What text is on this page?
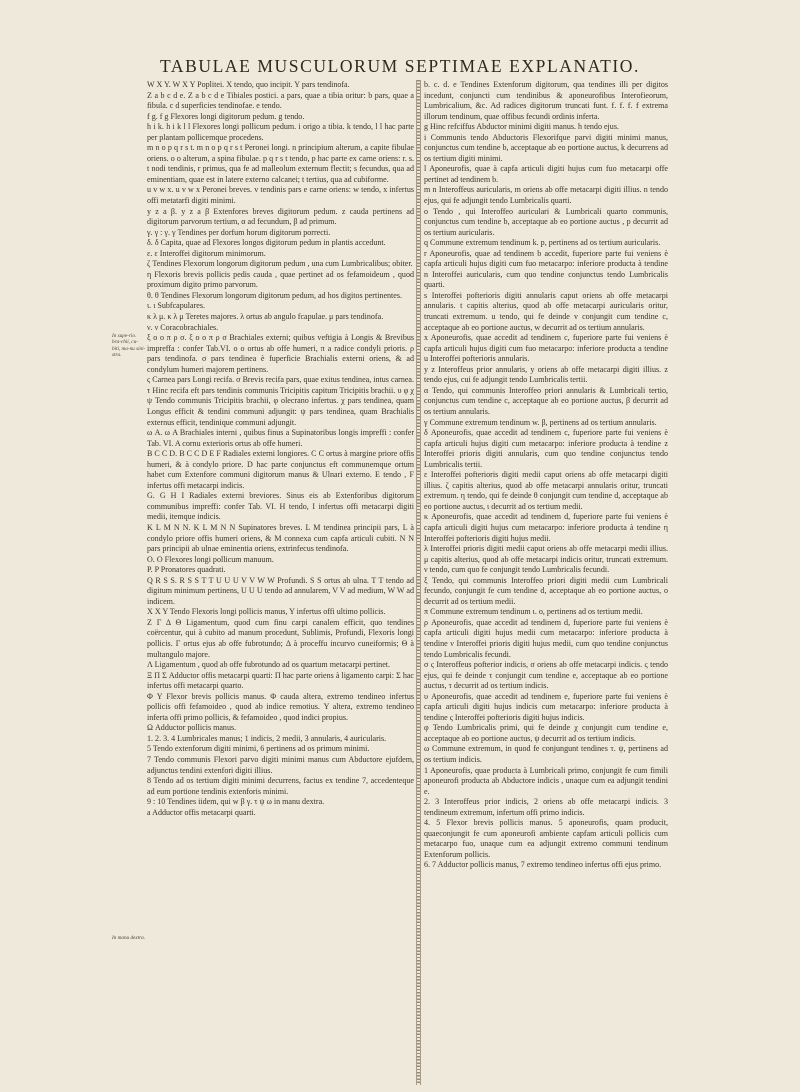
TABULAE MUSCULORUM SEPTIMAE EXPLANATIO.

W X Y. W X Y Poplitei. X tendo, quo incipit. Y pars tendinofa.

Z a b c d e. Z a b c d e Tibiales postici. a pars, quae a tibia oritur: b pars, quae a fibula. c d superficies tendinofae. e tendo.

f g. f g Flexores longi digitorum pedum. g tendo.

h i k. h i k l l Flexores longi pollicum pedum. i origo a tibia. k tendo, l l hac parte per plantam pollicemque procedens.

m n o p q r s t. m n o p q r s t Peronei longi. n principium alterum, a capite fibulae oriens. o o alterum, a spina fibulae. p q r s t tendo, p hac parte ex carne oriens: r. s. t nodi tendinis, r primus, qua fe ad malleolum externum flectit; s fecundus, qua ad eminentiam, quae est in latere externo calcanei; t tertius, qua ad cubiforme.

u v w x. u v w x Peronei breves. v tendinis pars e carne oriens: w tendo, x infertus offi metatarfi digiti minimi.

y z a β. y z a β Extenfores breves digitorum pedum. z cauda pertinens ad digitorum parvorum tertium, α ad fecundum, β ad primum.

γ. γ : γ. γ Tendines per dorfum horum digitorum porrecti.

δ. δ Capita, quae ad Flexores longos digitorum pedum in plantis accedunt.

ε. ε Interoffei digitorum minimorum.

ζ Tendines Flexorum longorum digitorum pedum , una cum Lumbricalibus; obiter.

η Flexoris brevis pollicis pedis cauda , quae pertinet ad os fefamoideum , quod proximum digito primo parvorum.

θ. θ Tendines Flexorum longorum digitorum pedum, ad hos digitos pertinentes.

ι. ι Subfcapulares.

κ λ μ. κ λ μ Teretes majores. λ ortus ab angulo fcapulae. μ pars tendinofa.

ν. ν Coracobrachiales.

ξ ο ο π ρ σ. ξ ο ο π ρ σ Brachiales externi; quibus veftigia à Longis & Brevibus impreffa : confer Tab.VI. ο ο ortus ab offe humeri, π a radice condyli prioris. ρ pars tendinofa. σ pars tendinea è fuperficie Brachialis externi oriens, & ad condylum humeri majorem pertinens.

ς Carnea pars Longi recifa. σ Brevis recifa pars, quae exitus tendinea, intus carnea. τ Hinc recifa eft pars tendinis communis Tricipitis capitum Tricipitis brachii. υ φ χ ψ Tendo communis Tricipitis brachii, φ olecrano infertus. χ pars tendinea, quam Longus efficit & tendini communi adjungit: ψ pars tendinea, quam Brachialis externus efficit, tendinique communi adjungit.

ω A. ω A Brachiales interni , quibus finus a Supinatoribus longis impreffi : confer Tab. VI. A cornu exterioris ortus ab offe humeri.

B C C D. B C C D E F Radiales externi longiores. C C ortus à margine priore offis humeri, & à condylo priore. D hac parte conjunctus eft communemque ortum habet cum Extenfore communi digitorum manus & Ulnari externo. E tendo , F infertus offi metacarpi indicis.

G. G H I Radiales externi breviores. Sinus eis ab Extenforibus digitorum communibus impreffi: confer Tab. VI. H tendo, I infertus offi metacarpi digiti medii, itemque indicis.

K L M N N. K L M N N Supinatores breves. L M tendinea principii pars, L à condylo priore offis humeri oriens, & M connexa cum capfa articuli cubiti. N N pars principii ab ulnae eminentia oriens, extrinfecus tendinofa.

O. O Flexores longi pollicum manuum.

P. P Pronatores quadrati.

Q R S S. R S S T T U U U V V W W Profundi. S S ortus ab ulna. T T tendo ad digitum minimum pertinens, U U U tendo ad annularem, V V ad medium, W W ad indicem.

X X Y Tendo Flexoris longi pollicis manus, Y infertus offi ultimo pollicis.

Z Γ Δ Θ Ligamentum, quod cum finu carpi canalem efficit, quo tendines coërcentur, qui à cubito ad manum procedunt, Sublimis, Profundi, Flexoris longi pollicis. Γ ortus ejus ab offe fubrotundo; Δ à proceffu incurvo cuneiformis; Θ à multangulo majore.

Λ Ligamentum , quod ab offe fubrotundo ad os quartum metacarpi pertinet.

Ξ Π Σ Adductor offis metacarpi quarti: Π hac parte oriens à ligamento carpi: Σ hac infertus offi metacarpi quarto.

Φ Υ Flexor brevis pollicis manus. Φ cauda altera, extremo tendineo infertus pollicis offi fefamoideo , quod ab indice remotius. Υ altera, extremo tendineo inferta offi primo pollicis, & fefamoideo , quod indici propius.

Ω Adductor pollicis manus.

1. 2. 3. 4 Lumbricales manus; 1 indicis, 2 medii, 3 annularis, 4 auricularis.

5 Tendo extenforum digiti minimi, 6 pertinens ad os primum minimi.

7 Tendo communis Flexori parvo digiti minimi manus cum Abductore ejufdem, adjunctus tendini extenfori digiti illius.

8 Tendo ad os tertium digiti minimi decurrens, factus ex tendine 7, accedenteque ad eum portione tendinis extenforis minimi.

9 : 10 Tendines iidem, qui w β γ. τ ψ ω in manu dextra.

a Adductor offis metacarpi quarti.

b. c. d. e Tendines Extenforum digitorum, qua tendines illi per digitos incedunt, conjuncti cum tendinibus & aponeurofibus Interofieorum, Lumbricalium, &c. Ad radices digitorum truncati funt. f. f. f. f extrema illorum tendinum, quae offibus fecundi ordinis inferta.

g Hinc refciffus Abductor minimi digiti manus. h tendo ejus.

i Communis tendo Abductoris Flexorifque parvi digiti minimi manus, conjunctus cum tendine b, acceptaque ab eo portione auctus, k decurrens ad os tertium digiti minimi.

l Aponeurofis, quae à capfa articuli digiti hujus cum fuo metacarpi offe pertinet ad tendinem b.

m n Interoffeus auricularis, m oriens ab offe metacarpi digiti illius. n tendo ejus, qui fe adjungit tendo Lumbricalis quarti.

o Tendo , qui Interoffeo auriculari & Lumbricali quarto communis, conjunctus cum tendine b, acceptaque ab eo portione auctus , p decurrit ad os tertium auricularis.

q Commune extremum tendinum k. p, pertinens ad os tertium auricularis.

r Aponeurofis, quae ad tendinem b accedit, fuperiore parte fui veniens è capfa articuli hujus digiti cum fuo metacarpo: inferiore producta à tendine n Interoffei auricularis, cum quo tendine conjunctus tendo Lumbricalis quarti.

s Interoffei pofterioris digiti annularis caput oriens ab offe metacarpi annularis. t capitis alterius, quod ab offe metacarpi auricularis oritur, truncati extremum. u tendo, qui fe deinde v conjungit cum tendine c, acceptaque ab eo portione auctus, w decurrit ad os tertium annularis.

x Aponeurofis, quae accedit ad tendinem c, fuperiore parte fui veniens è capfa articuli hujus digiti cum fuo metacarpo: inferiore producta a tendine u Interoffei pofterioris annularis.

y z Interoffeus prior annularis, y oriens ab offe metacarpi digiti illius. z tendo ejus, cui fe adjungit tendo Lumbricalis tertii.

α Tendo, qui communis Interoffeo priori annularis & Lumbricali tertio, conjunctus cum tendine c, acceptaque ab eo portione auctus, β decurrit ad os tertium annularis.

γ Commune extremum tendinum w. β, pertinens ad os tertium annularis.

δ Aponeurofis, quae accedit ad tendinem c, fuperiore parte fui veniens è capfa articuli hujus digiti cum metacarpo: inferiore producta à tendine z Interoffei prioris digiti annularis, cum quo tendine conjunctus tendo Lumbricalis tertii.

ε Interoffei pofterioris digiti medii caput oriens ab offe metacarpi digiti illius. ζ capitis alterius, quod ab offe metacarpi annularis oritur, truncati extremum. η tendo, qui fe deinde θ conjungit cum tendine d, acceptaque ab eo portione auctus, ι decurrit ad os tertium medii.

κ Aponeurofis, quae accedit ad tendinem d, fuperiore parte fui veniens è capfa articuli digiti hujus cum metacarpo: inferiore producta à tendine η Interoffei pofterioris digiti hujus medii.

λ Interoffei prioris digiti medii caput oriens ab offe metacarpi medii illius. μ capitis alterius, quod ab offe metacarpi indicis oritur, truncati extremum. ν tendo, cum quo fe conjungit tendo Lumbricalis fecundi.

ξ Tendo, qui communis Interoffeo priori digiti medii cum Lumbricali fecundo, conjungit fe cum tendine d, acceptaque ab eo portione auctus, ο decurrit ad os tertium medii.

π Commune extremum tendinum ι. ο, pertinens ad os tertium medii.

ρ Aponeurofis, quae accedit ad tendinem d, fuperiore parte fui veniens è capfa articuli digiti hujus medii cum metacarpo: inferiore producta à tendine ν Interoffei prioris digiti hujus medii, cum quo tendine conjunctus tendo Lumbricalis fecundi.

σ ς Interoffeus pofterior indicis, σ oriens ab offe metacarpi indicis. ς tendo ejus, qui fe deinde τ conjungit cum tendine e, acceptaque ab eo portione auctus, τ decurrit ad os tertium indicis.

υ Aponeurofis, quae accedit ad tendinem e, fuperiore parte fui veniens è capfa articuli digiti hujus indicis cum metacarpo: inferiore producta à tendine ς Interoffei pofterioris digiti hujus indicis.

φ Tendo Lumbricalis primi, qui fe deinde χ conjungit cum tendine e, acceptaque ab eo portione auctus, ψ decurrit ad os tertium indicis.

ω Commune extremum, in quod fe conjungunt tendines τ. ψ, pertinens ad os tertium indicis.

1 Aponeurofis, quae producta à Lumbricali primo, conjungit fe cum fimili aponeurofi producta ab Abductore indicis , unaque cum ea adjungit tendini e.

2. 3 Interoffeus prior indicis, 2 oriens ab offe metacarpi indicis. 3 tendineum extremum, infertum offi primo indicis.

4. 5 Flexor brevis pollicis manus. 5 aponeurofis, quam producit, quaeconjungit fe cum aponeurofi ambiente capfam articuli pollicis cum metacarpo fuo, unaque cum ea adjungit extremo communi tendinum Extenforum pollicis.

6. 7 Adductor pollicis manus, 7 extremo tendineo infertus offi ejus primo.

In supe-rio. bra-chii, cu-biti, ma-nu sini-stra.
In manu dextra.
